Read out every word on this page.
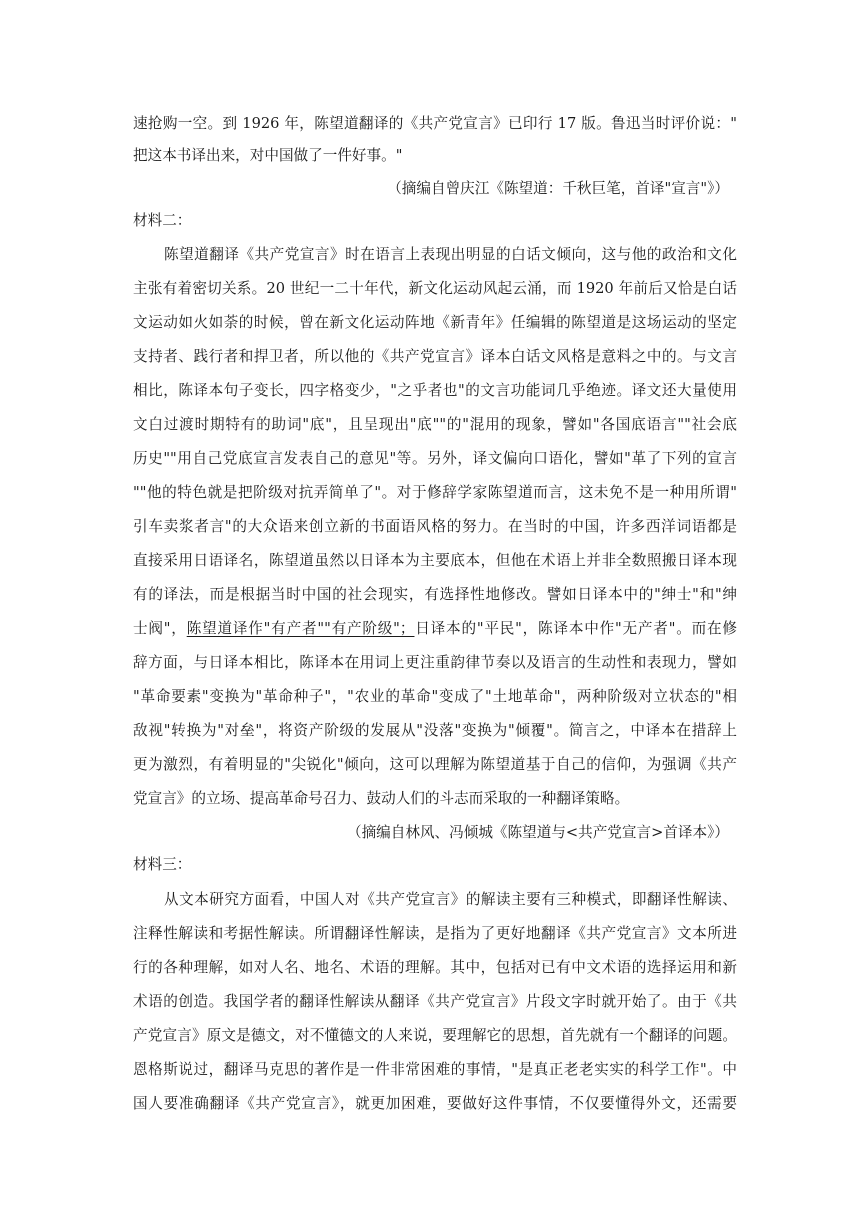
速抢购一空。到 1926 年，陈望道翻译的《共产党宣言》已印行 17 版。鲁迅当时评价说："
把这本书译出来，对中国做了一件好事。"
（摘编自曾庆江《陈望道：千秋巨笔，首译"宣言"》）
材料二：
陈望道翻译《共产党宣言》时在语言上表现出明显的白话文倾向，这与他的政治和文化
主张有着密切关系。20 世纪一二十年代，新文化运动风起云涌，而 1920 年前后又恰是白话
文运动如火如荼的时候，曾在新文化运动阵地《新青年》任编辑的陈望道是这场运动的坚定
支持者、践行者和捍卫者，所以他的《共产党宣言》译本白话文风格是意料之中的。与文言
相比，陈译本句子变长，四字格变少，"之乎者也"的文言功能词几乎绝迹。译文还大量使用
文白过渡时期特有的助词"底"，且呈现出"底""的"混用的现象，譬如"各国底语言""社会底
历史""用自己党底宣言发表自己的意见"等。另外，译文偏向口语化，譬如"革了下列的宣言
""他的特色就是把阶级对抗弄简单了"。对于修辞学家陈望道而言，这未免不是一种用所谓"
引车卖浆者言"的大众语来创立新的书面语风格的努力。在当时的中国，许多西洋词语都是
直接采用日语译名，陈望道虽然以日译本为主要底本，但他在术语上并非全数照搬日译本现
有的译法，而是根据当时中国的社会现实，有选择性地修改。譬如日译本中的"绅士"和"绅
士阀"，陈望道译作"有产者""有产阶级"；日译本的"平民"，陈译本中作"无产者"。而在修
辞方面，与日译本相比，陈译本在用词上更注重韵律节奏以及语言的生动性和表现力，譬如
"革命要素"变换为"革命种子"，"农业的革命"变成了"土地革命"，两种阶级对立状态的"相
敌视"转换为"对垒"，将资产阶级的发展从"没落"变换为"倾覆"。简言之，中译本在措辞上
更为激烈，有着明显的"尖锐化"倾向，这可以理解为陈望道基于自己的信仰，为强调《共产
党宣言》的立场、提高革命号召力、鼓动人们的斗志而采取的一种翻译策略。
（摘编自林风、冯倾城《陈望道与<共产党宣言>首译本》）
材料三：
从文本研究方面看，中国人对《共产党宣言》的解读主要有三种模式，即翻译性解读、
注释性解读和考据性解读。所谓翻译性解读，是指为了更好地翻译《共产党宣言》文本所进
行的各种理解，如对人名、地名、术语的理解。其中，包括对已有中文术语的选择运用和新
术语的创造。我国学者的翻译性解读从翻译《共产党宣言》片段文字时就开始了。由于《共
产党宣言》原文是德文，对不懂德文的人来说，要理解它的思想，首先就有一个翻译的问题。
恩格斯说过，翻译马克思的著作是一件非常困难的事情，"是真正老老实实的科学工作"。中
国人要准确翻译《共产党宣言》，就更加困难，要做好这件事情，不仅要懂得外文，还需要
